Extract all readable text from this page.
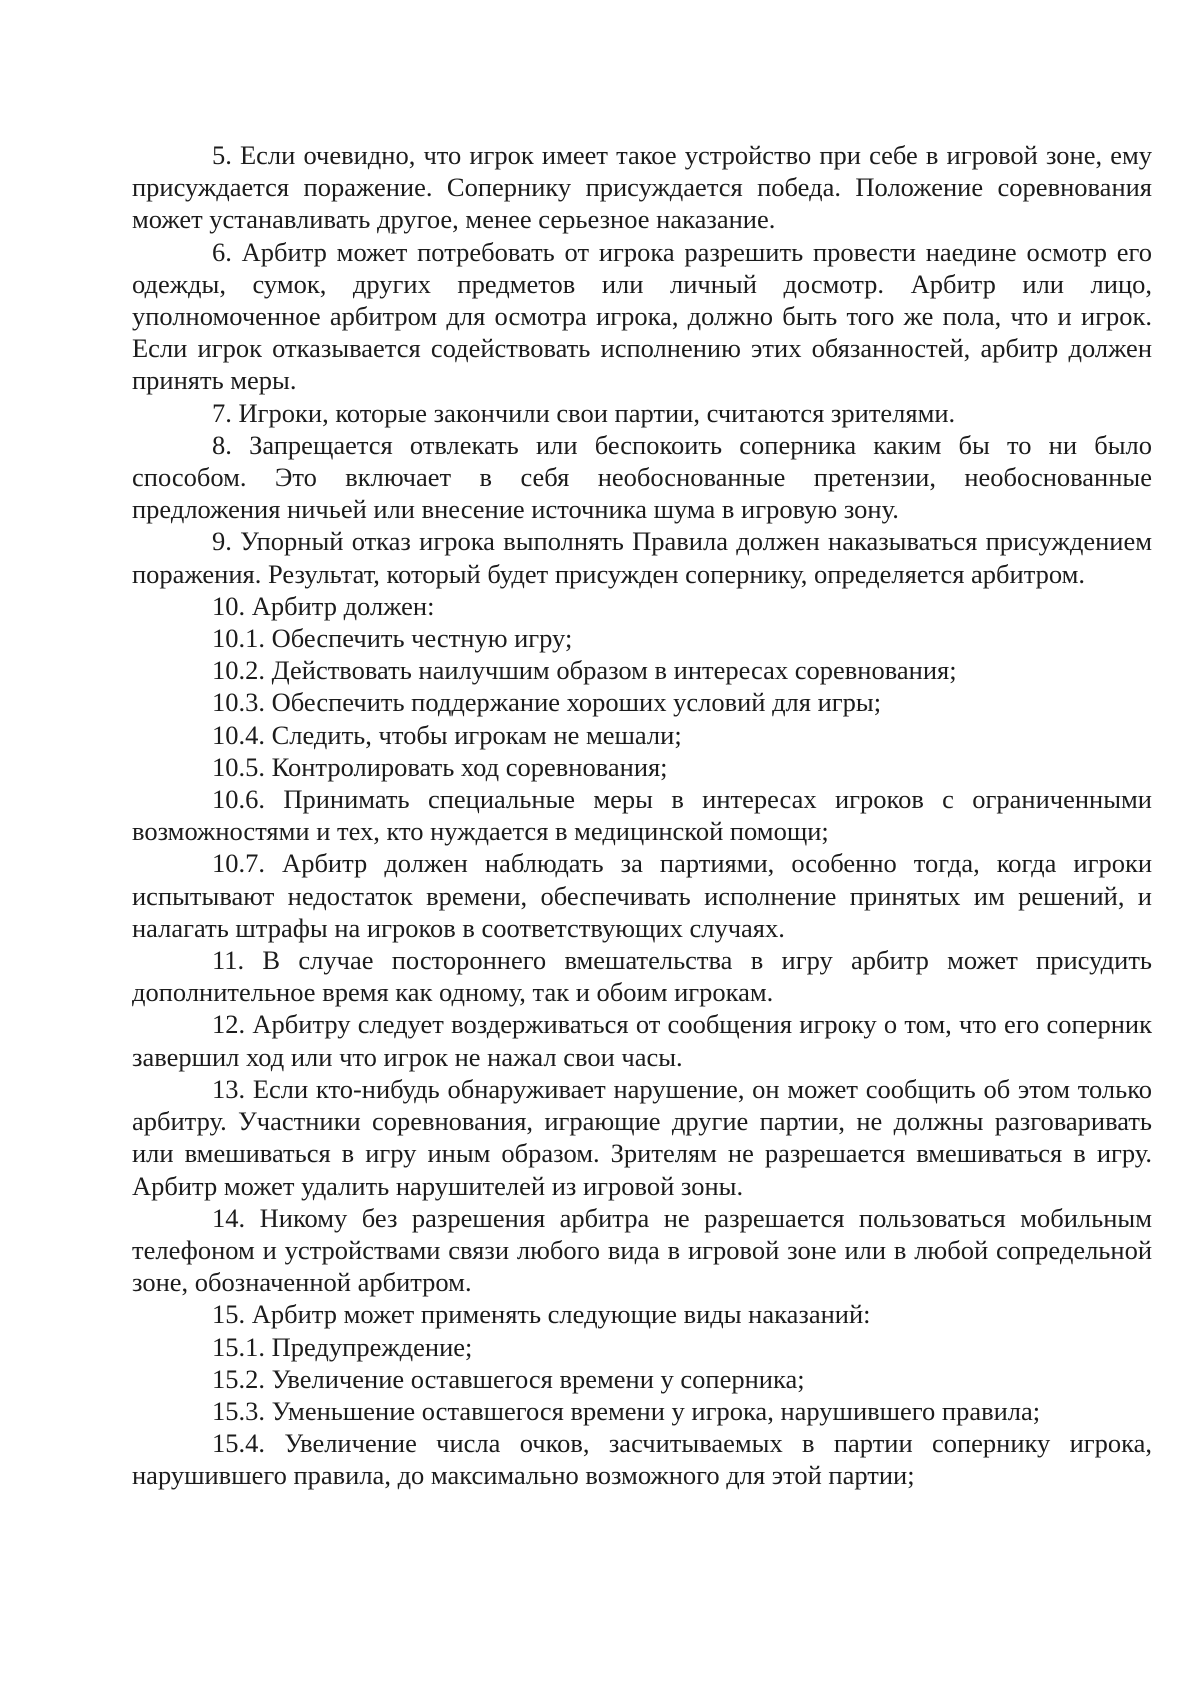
5. Если очевидно, что игрок имеет такое устройство при себе в игровой зоне, ему присуждается поражение. Сопернику присуждается победа. Положение соревнования может устанавливать другое, менее серьезное наказание.

6. Арбитр может потребовать от игрока разрешить провести наедине осмотр его одежды, сумок, других предметов или личный досмотр. Арбитр или лицо, уполномоченное арбитром для осмотра игрока, должно быть того же пола, что и игрок. Если игрок отказывается содействовать исполнению этих обязанностей, арбитр должен принять меры.

7. Игроки, которые закончили свои партии, считаются зрителями.

8. Запрещается отвлекать или беспокоить соперника каким бы то ни было способом. Это включает в себя необоснованные претензии, необоснованные предложения ничьей или внесение источника шума в игровую зону.

9. Упорный отказ игрока выполнять Правила должен наказываться присуждением поражения. Результат, который будет присужден сопернику, определяется арбитром.

10. Арбитр должен:

10.1. Обеспечить честную игру;

10.2. Действовать наилучшим образом в интересах соревнования;

10.3. Обеспечить поддержание хороших условий для игры;

10.4. Следить, чтобы игрокам не мешали;

10.5. Контролировать ход соревнования;

10.6. Принимать специальные меры в интересах игроков с ограниченными возможностями и тех, кто нуждается в медицинской помощи;

10.7. Арбитр должен наблюдать за партиями, особенно тогда, когда игроки испытывают недостаток времени, обеспечивать исполнение принятых им решений, и налагать штрафы на игроков в соответствующих случаях.

11. В случае постороннего вмешательства в игру арбитр может присудить дополнительное время как одному, так и обоим игрокам.

12. Арбитру следует воздерживаться от сообщения игроку о том, что его соперник завершил ход или что игрок не нажал свои часы.

13. Если кто-нибудь обнаруживает нарушение, он может сообщить об этом только арбитру. Участники соревнования, играющие другие партии, не должны разговаривать или вмешиваться в игру иным образом. Зрителям не разрешается вмешиваться в игру. Арбитр может удалить нарушителей из игровой зоны.

14. Никому без разрешения арбитра не разрешается пользоваться мобильным телефоном и устройствами связи любого вида в игровой зоне или в любой сопредельной зоне, обозначенной арбитром.

15. Арбитр может применять следующие виды наказаний:

15.1. Предупреждение;

15.2. Увеличение оставшегося времени у соперника;

15.3. Уменьшение оставшегося времени у игрока, нарушившего правила;

15.4. Увеличение числа очков, засчитываемых в партии сопернику игрока, нарушившего правила, до максимально возможного для этой партии;
